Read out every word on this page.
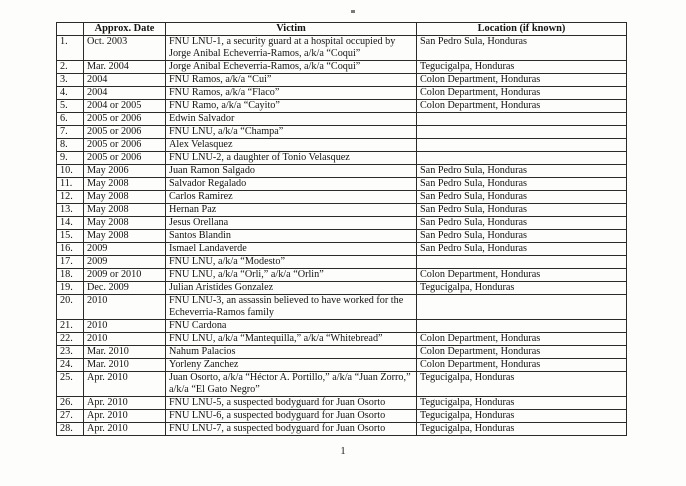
	Approx. Date	Victim	Location (if known)
1.	Oct. 2003	FNU LNU-1, a security guard at a hospital occupied by Jorge Anibal Echeverria-Ramos, a/k/a “Coqui”	San Pedro Sula, Honduras
2.	Mar. 2004	Jorge Anibal Echeverria-Ramos, a/k/a “Coqui”	Tegucigalpa, Honduras
3.	2004	FNU Ramos, a/k/a “Cui”	Colon Department, Honduras
4.	2004	FNU Ramos, a/k/a “Flaco”	Colon Department, Honduras
5.	2004 or 2005	FNU Ramo, a/k/a “Cayito”	Colon Department, Honduras
6.	2005 or 2006	Edwin Salvador	
7.	2005 or 2006	FNU LNU, a/k/a “Champa”	
8.	2005 or 2006	Alex Velasquez	
9.	2005 or 2006	FNU LNU-2, a daughter of Tonio Velasquez	
10.	May 2006	Juan Ramon Salgado	San Pedro Sula, Honduras
11.	May 2008	Salvador Regalado	San Pedro Sula, Honduras
12.	May 2008	Carlos Ramirez	San Pedro Sula, Honduras
13.	May 2008	Hernan Paz	San Pedro Sula, Honduras
14.	May 2008	Jesus Orellana	San Pedro Sula, Honduras
15.	May 2008	Santos Blandin	San Pedro Sula, Honduras
16.	2009	Ismael Landaverde	San Pedro Sula, Honduras
17.	2009	FNU LNU, a/k/a “Modesto”	
18.	2009 or 2010	FNU LNU, a/k/a “Orli,” a/k/a “Orlin”	Colon Department, Honduras
19.	Dec. 2009	Julian Aristides Gonzalez	Tegucigalpa, Honduras
20.	2010	FNU LNU-3, an assassin believed to have worked for the Echeverria-Ramos family	
21.	2010	FNU Cardona	
22.	2010	FNU LNU, a/k/a “Mantequilla,” a/k/a “Whitebread”	Colon Department, Honduras
23.	Mar. 2010	Nahum Palacios	Colon Department, Honduras
24.	Mar. 2010	Yorleny Zanchez	Colon Department, Honduras
25.	Apr. 2010	Juan Osorto, a/k/a “Héctor A. Portillo,” a/k/a “Juan Zorro,” a/k/a “El Gato Negro”	Tegucigalpa, Honduras
26.	Apr. 2010	FNU LNU-5, a suspected bodyguard for Juan Osorto	Tegucigalpa, Honduras
27.	Apr. 2010	FNU LNU-6, a suspected bodyguard for Juan Osorto	Tegucigalpa, Honduras
28.	Apr. 2010	FNU LNU-7, a suspected bodyguard for Juan Osorto	Tegucigalpa, Honduras
1
